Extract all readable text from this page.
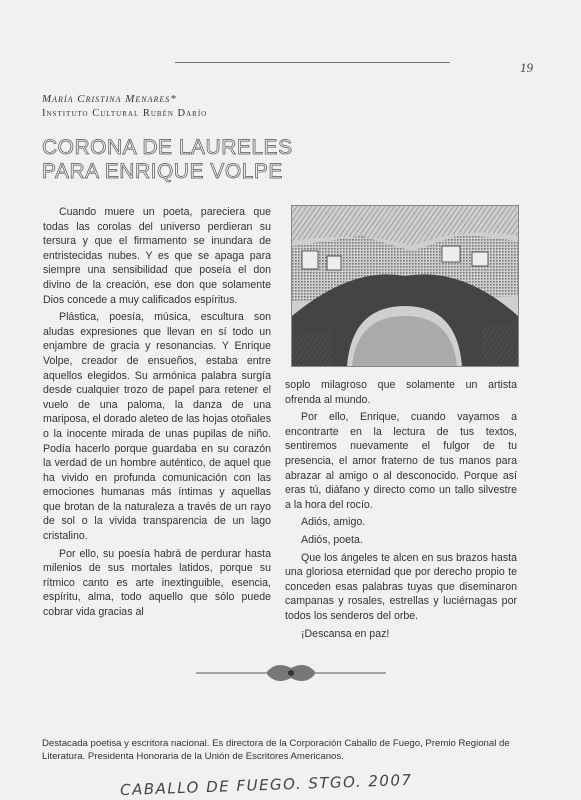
19
María Cristina Menares*
Instituto Cultural Rubén Darío
CORONA DE LAURELES
PARA ENRIQUE VOLPE

Cuando muere un poeta, pareciera que todas las corolas del universo perdieran su tersura y que el firmamento se inundara de entristecidas nubes. Y es que se apaga para siempre una sensibilidad que poseía el don divino de la creación, ese don que solamente Dios concede a muy calificados espíritus.

Plástica, poesía, música, escultura son aludas expresiones que llevan en sí todo un enjambre de gracia y resonancias. Y Enrique Volpe, creador de ensueños, estaba entre aquellos elegidos. Su armónica palabra surgía desde cualquier trozo de papel para retener el vuelo de una paloma, la danza de una mariposa, el dorado aleteo de las hojas otoñales o la inocente mirada de unas pupilas de niño. Podía hacerlo porque guardaba en su corazón la verdad de un hombre auténtico, de aquel que ha vivido en profunda comunicación con las emociones humanas más íntimas y aquellas que brotan de la naturaleza a través de un rayo de sol o la vivida transparencia de un lago cristalino.

Por ello, su poesía habrá de perdurar hasta milenios de sus mortales latidos, porque su rítmico canto es arte inextinguible, esencia, espíritu, alma, todo aquello que sólo puede cobrar vida gracias al

soplo milagroso que solamente un artista ofrenda al mundo.

Por ello, Enrique, cuando vayamos a encontrarte en la lectura de tus textos, sentiremos nuevamente el fulgor de tu presencia, el amor fraterno de tus manos para abrazar al amigo o al desconocido. Porque así eras tú, diáfano y directo como un tallo silvestre a la hora del rocío.

Adiós, amigo.

Adiós, poeta.

Que los ángeles te alcen en sus brazos hasta una gloriosa eternidad que por derecho propio te conceden esas palabras tuyas que diseminaron campanas y rosales, estrellas y luciérnagas por todos los senderos del orbe.

¡Descansa en paz!

Destacada poetisa y escritora nacional. Es directora de la Corporación Caballo de Fuego, Premio Regional de Literatura. Presidenta Honoraria de la Unión de Escritores Americanos.
CABALLO DE FUEGO. STGO. 2007
